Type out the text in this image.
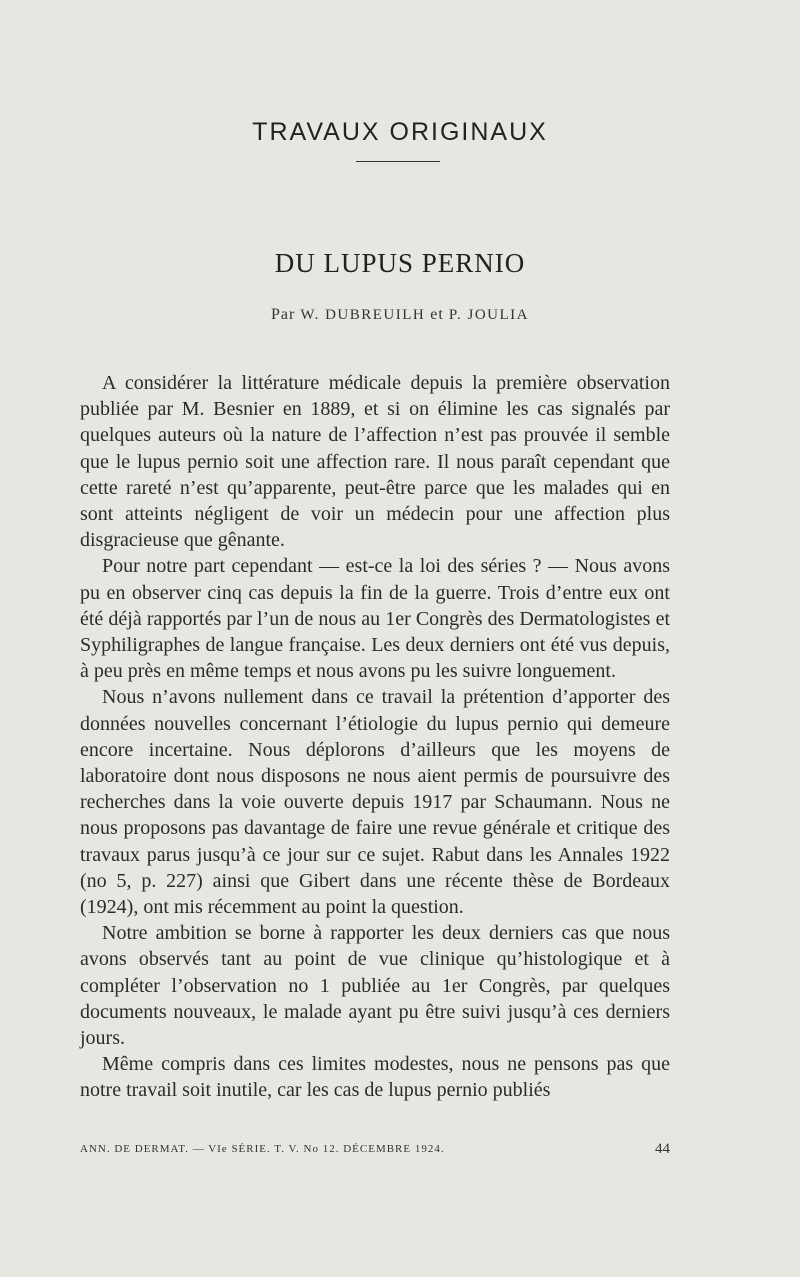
TRAVAUX ORIGINAUX
DU LUPUS PERNIO
Par W. DUBREUILH et P. JOULIA

A considérer la littérature médicale depuis la première observation publiée par M. Besnier en 1889, et si on élimine les cas signalés par quelques auteurs où la nature de l’affection n’est pas prouvée il semble que le lupus pernio soit une affection rare. Il nous paraît cependant que cette rareté n’est qu’apparente, peut-être parce que les malades qui en sont atteints négligent de voir un médecin pour une affection plus disgracieuse que gênante.

Pour notre part cependant — est-ce la loi des séries ? — Nous avons pu en observer cinq cas depuis la fin de la guerre. Trois d’entre eux ont été déjà rapportés par l’un de nous au 1er Congrès des Dermatologistes et Syphiligraphes de langue française. Les deux derniers ont été vus depuis, à peu près en même temps et nous avons pu les suivre longuement.

Nous n’avons nullement dans ce travail la prétention d’apporter des données nouvelles concernant l’étiologie du lupus pernio qui demeure encore incertaine. Nous déplorons d’ailleurs que les moyens de laboratoire dont nous disposons ne nous aient permis de poursuivre des recherches dans la voie ouverte depuis 1917 par Schaumann. Nous ne nous proposons pas davantage de faire une revue générale et critique des travaux parus jusqu’à ce jour sur ce sujet. Rabut dans les Annales 1922 (no 5, p. 227) ainsi que Gibert dans une récente thèse de Bordeaux (1924), ont mis récemment au point la question.

Notre ambition se borne à rapporter les deux derniers cas que nous avons observés tant au point de vue clinique qu’histologique et à compléter l’observation no 1 publiée au 1er Congrès, par quelques documents nouveaux, le malade ayant pu être suivi jusqu’à ces derniers jours.

Même compris dans ces limites modestes, nous ne pensons pas que notre travail soit inutile, car les cas de lupus pernio publiés

ANN. DE DERMAT. — VIe SÉRIE. T. V. No 12. DÉCEMBRE 1924.	44
